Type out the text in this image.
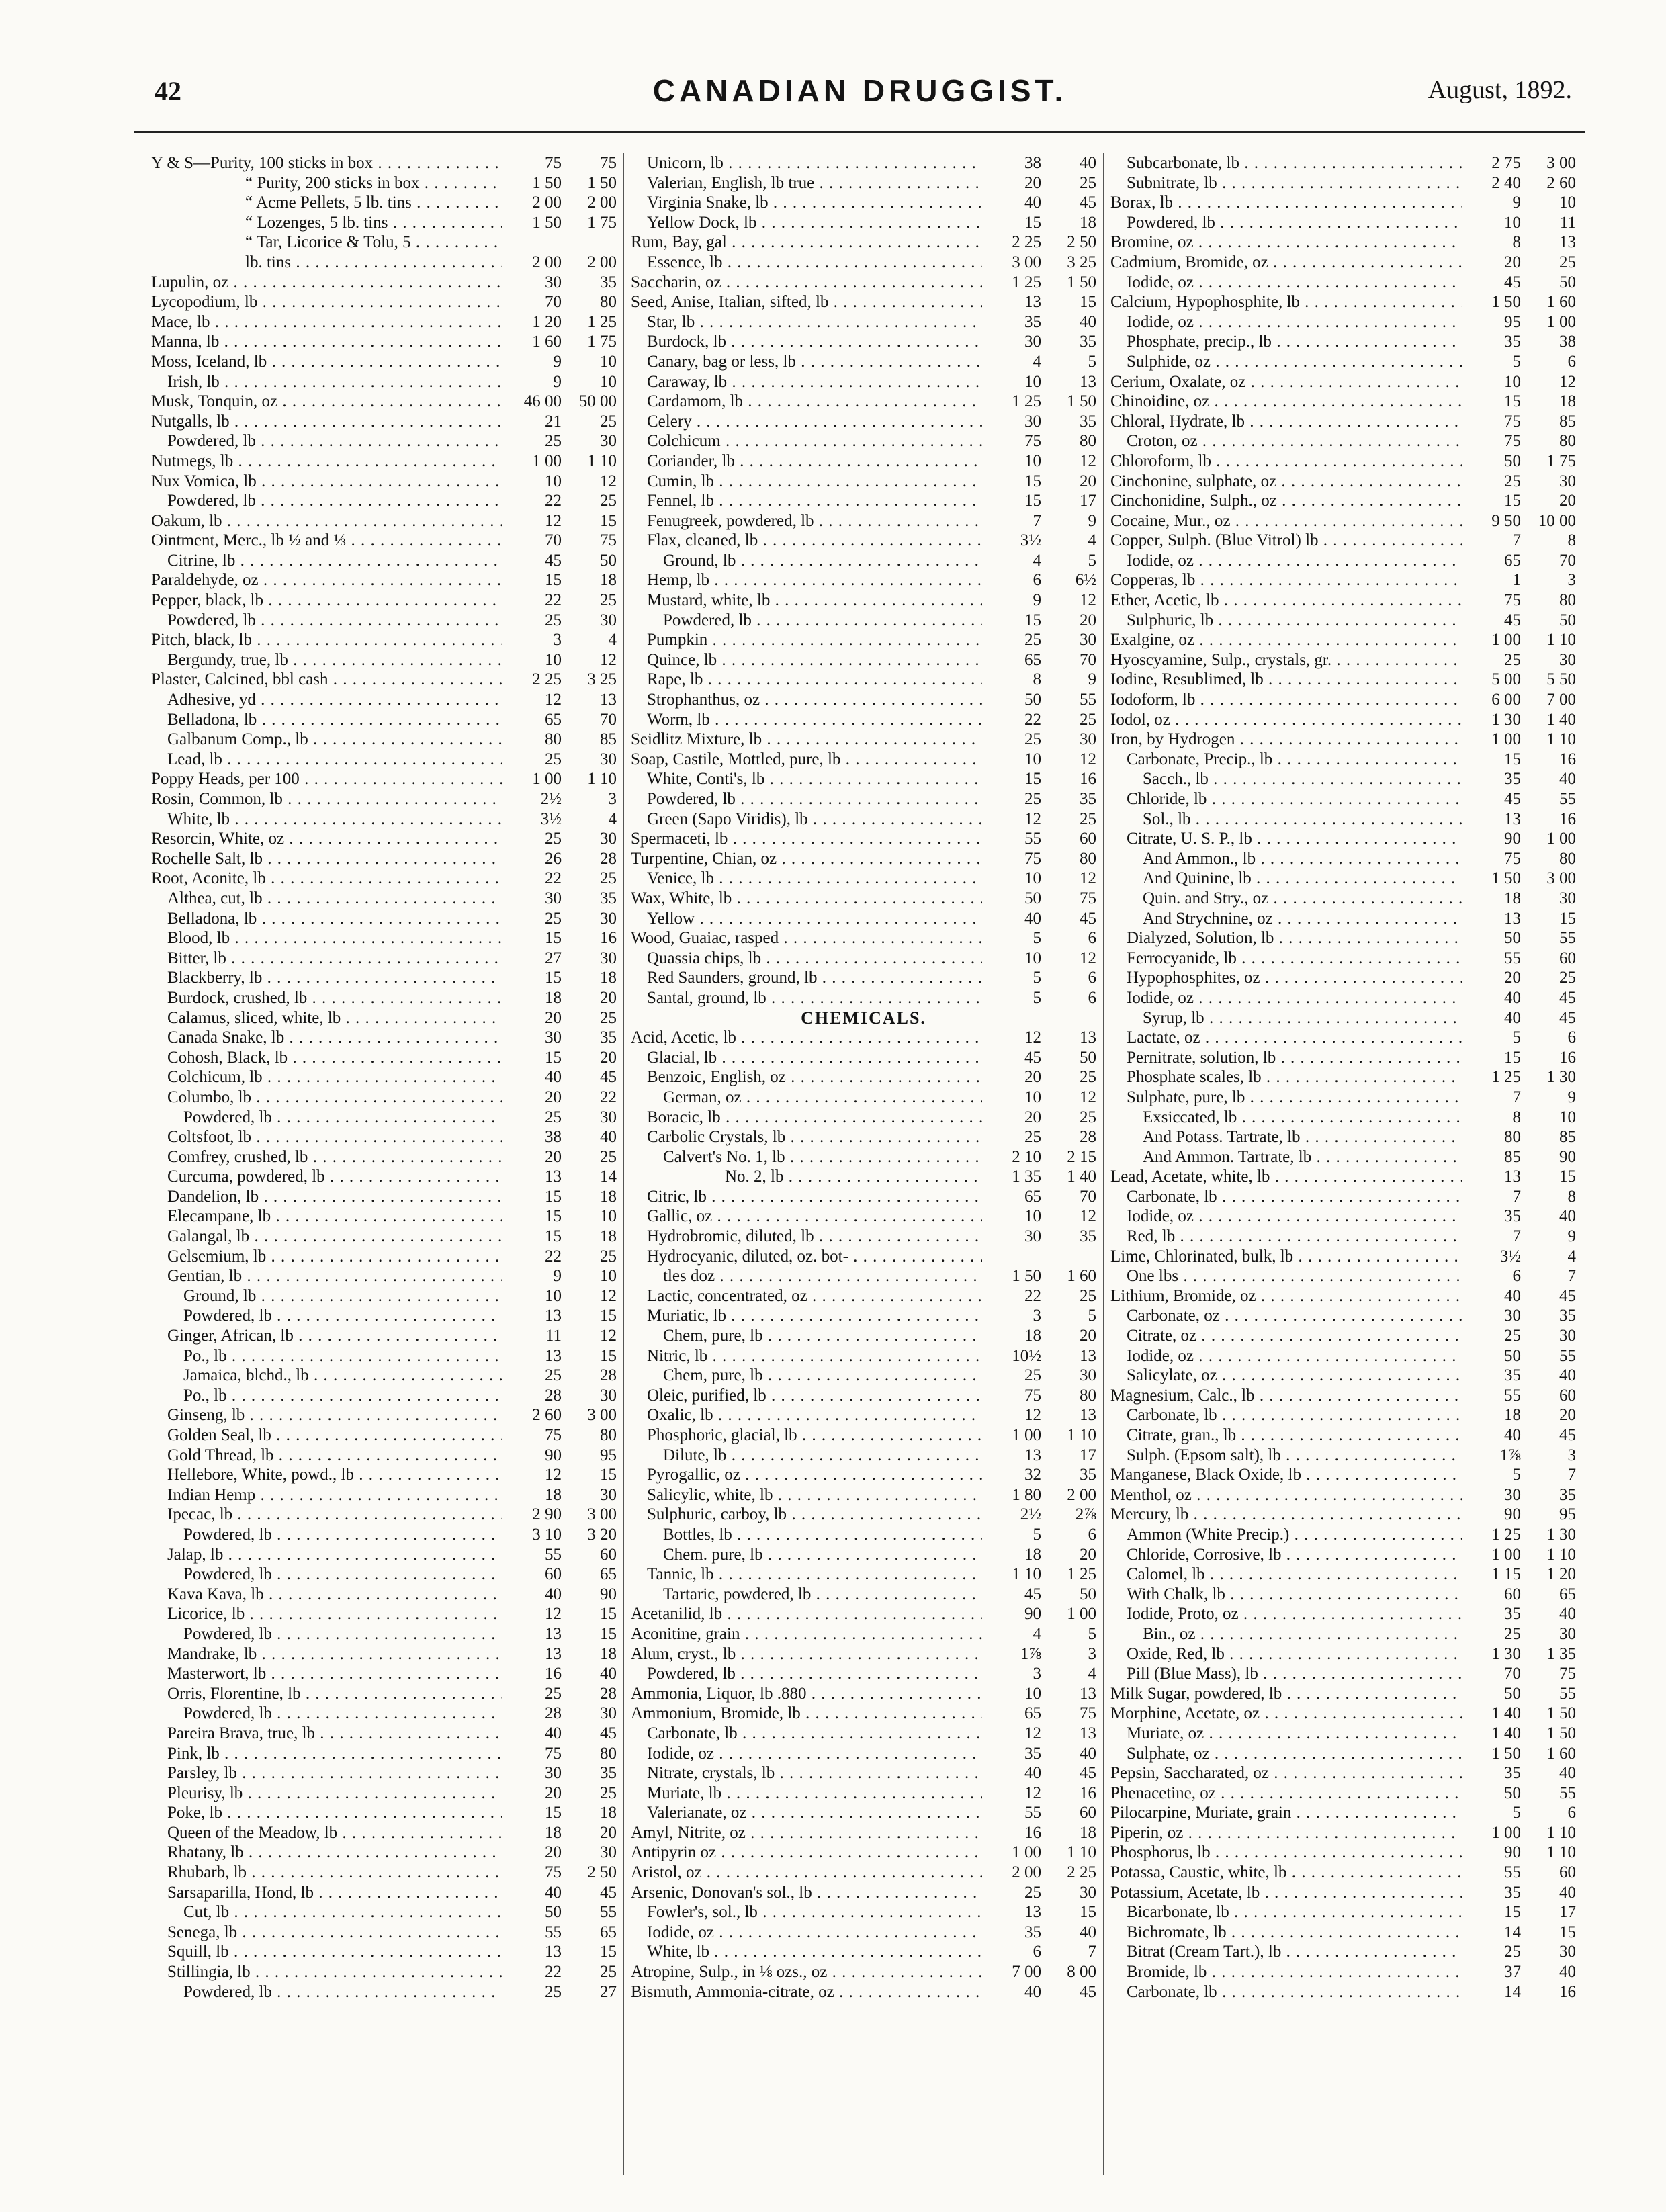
42	CANADIAN DRUGGIST.	August, 1892.
Y & S—Purity, 100 sticks in box . . .	75	75
“ Purity, 200 sticks in box . . .	1 50	1 50
“ Acme Pellets, 5 lb. tins . . .	2 00	2 00
“ Lozenges, 5 lb. tins . . .	1 50	1 75
“ Tar, Licorice & Tolu, 5 . . .
lb. tins . . .	2 00	2 00
Lupulin, oz . . .	30	35
Lycopodium, lb . . .	70	80
Mace, lb . . .	1 20	1 25
Manna, lb . . .	1 60	1 75
Moss, Iceland, lb . . .	9	10
Irish, lb . . .	9	10
Musk, Tonquin, oz . . .	46 00	50 00
Nutgalls, lb . . .	21	25
Powdered, lb . . .	25	30
Nutmegs, lb . . .	1 00	1 10
Nux Vomica, lb . . .	10	12
Powdered, lb . . .	22	25
Oakum, lb . . .	12	15
Ointment, Merc., lb ½ and ⅓ . . .	70	75
Citrine, lb . . .	45	50
Paraldehyde, oz . . .	15	18
Pepper, black, lb . . .	22	25
Powdered, lb . . .	25	30
Pitch, black, lb . . .	3	4
Bergundy, true, lb . . .	10	12
Plaster, Calcined, bbl cash . . .	2 25	3 25
Adhesive, yd . . .	12	13
Belladona, lb . . .	65	70
Galbanum Comp., lb . . .	80	85
Lead, lb . . .	25	30
Poppy Heads, per 100 . . .	1 00	1 10
Rosin, Common, lb . . .	2½	3
White, lb . . .	3½	4
Resorcin, White, oz . . .	25	30
Rochelle Salt, lb . . .	26	28
Root, Aconite, lb . . .	22	25
Althea, cut, lb . . .	30	35
Belladona, lb . . .	25	30
Blood, lb . . .	15	16
Bitter, lb . . .	27	30
Blackberry, lb . . .	15	18
Burdock, crushed, lb . . .	18	20
Calamus, sliced, white, lb . . .	20	25
Canada Snake, lb . . .	30	35
Cohosh, Black, lb . . .	15	20
Colchicum, lb . . .	40	45
Columbo, lb . . .	20	22
Powdered, lb . . .	25	30
Coltsfoot, lb . . .	38	40
Comfrey, crushed, lb . . .	20	25
Curcuma, powdered, lb . . .	13	14
Dandelion, lb . . .	15	18
Elecampane, lb . . .	15	10
Galangal, lb . . .	15	18
Gelsemium, lb . . .	22	25
Gentian, lb . . .	9	10
Ground, lb . . .	10	12
Powdered, lb . . .	13	15
Ginger, African, lb . . .	11	12
Po., lb . . .	13	15
Jamaica, blchd., lb . . .	25	28
Po., lb . . .	28	30
Ginseng, lb . . .	2 60	3 00
Golden Seal, lb . . .	75	80
Gold Thread, lb . . .	90	95
Hellebore, White, powd., lb . . .	12	15
Indian Hemp . . .	18	30
Ipecac, lb . . .	2 90	3 00
Powdered, lb . . .	3 10	3 20
Jalap, lb . . .	55	60
Powdered, lb . . .	60	65
Kava Kava, lb . . .	40	90
Licorice, lb . . .	12	15
Powdered, lb . . .	13	15
Mandrake, lb . . .	13	18
Masterwort, lb . . .	16	40
Orris, Florentine, lb . . .	25	28
Powdered, lb . . .	28	30
Pareira Brava, true, lb . . .	40	45
Pink, lb . . .	75	80
Parsley, lb . . .	30	35
Pleurisy, lb . . .	20	25
Poke, lb . . .	15	18
Queen of the Meadow, lb . . .	18	20
Rhatany, lb . . .	20	30
Rhubarb, lb . . .	75	2 50
Sarsaparilla, Hond, lb . . .	40	45
Cut, lb . . .	50	55
Senega, lb . . .	55	65
Squill, lb . . .	13	15
Stillingia, lb . . .	22	25
Powdered, lb . . .	25	27
Unicorn, lb . . .	38	40
Valerian, English, lb true . . .	20	25
Virginia Snake, lb . . .	40	45
Yellow Dock, lb . . .	15	18
Rum, Bay, gal . . .	2 25	2 50
Essence, lb . . .	3 00	3 25
Saccharin, oz . . .	1 25	1 50
Seed, Anise, Italian, sifted, lb . . .	13	15
Star, lb . . .	35	40
Burdock, lb . . .	30	35
Canary, bag or less, lb . . .	4	5
Caraway, lb . . .	10	13
Cardamom, lb . . .	1 25	1 50
Celery . . .	30	35
Colchicum . . .	75	80
Coriander, lb . . .	10	12
Cumin, lb . . .	15	20
Fennel, lb . . .	15	17
Fenugreek, powdered, lb . . .	7	9
Flax, cleaned, lb . . .	3½	4
Ground, lb . . .	4	5
Hemp, lb . . .	6	6½
Mustard, white, lb . . .	9	12
Powdered, lb . . .	15	20
Pumpkin . . .	25	30
Quince, lb . . .	65	70
Rape, lb . . .	8	9
Strophanthus, oz . . .	50	55
Worm, lb . . .	22	25
Seidlitz Mixture, lb . . .	25	30
Soap, Castile, Mottled, pure, lb . . .	10	12
White, Conti's, lb . . .	15	16
Powdered, lb . . .	25	35
Green (Sapo Viridis), lb . . .	12	25
Spermaceti, lb . . .	55	60
Turpentine, Chian, oz . . .	75	80
Venice, lb . . .	10	12
Wax, White, lb . . .	50	75
Yellow . . .	40	45
Wood, Guaiac, rasped . . .	5	6
Quassia chips, lb . . .	10	12
Red Saunders, ground, lb . . .	5	6
Santal, ground, lb . . .	5	6
CHEMICALS.
Acid, Acetic, lb . . .	12	13
Glacial, lb . . .	45	50
Benzoic, English, oz . . .	20	25
German, oz . . .	10	12
Boracic, lb . . .	20	25
Carbolic Crystals, lb . . .	25	28
Calvert's No. 1, lb . . .	2 10	2 15
No. 2, lb . . .	1 35	1 40
Citric, lb . . .	65	70
Gallic, oz . . .	10	12
Hydrobromic, diluted, lb . . .	30	35
Hydrocyanic, diluted, oz. bot- . . .
tles doz . . .	1 50	1 60
Lactic, concentrated, oz . . .	22	25
Muriatic, lb . . .	3	5
Chem, pure, lb . . .	18	20
Nitric, lb . . .	10½	13
Chem, pure, lb . . .	25	30
Oleic, purified, lb . . .	75	80
Oxalic, lb . . .	12	13
Phosphoric, glacial, lb . . .	1 00	1 10
Dilute, lb . . .	13	17
Pyrogallic, oz . . .	32	35
Salicylic, white, lb . . .	1 80	2 00
Sulphuric, carboy, lb . . .	2½	2⅞
Bottles, lb . . .	5	6
Chem. pure, lb . . .	18	20
Tannic, lb . . .	1 10	1 25
Tartaric, powdered, lb . . .	45	50
Acetanilid, lb . . .	90	1 00
Aconitine, grain . . .	4	5
Alum, cryst., lb . . .	1⅞	3
Powdered, lb . . .	3	4
Ammonia, Liquor, lb .880 . . .	10	13
Ammonium, Bromide, lb . . .	65	75
Carbonate, lb . . .	12	13
Iodide, oz . . .	35	40
Nitrate, crystals, lb . . .	40	45
Muriate, lb . . .	12	16
Valerianate, oz . . .	55	60
Amyl, Nitrite, oz . . .	16	18
Antipyrin oz . . .	1 00	1 10
Aristol, oz . . .	2 00	2 25
Arsenic, Donovan's sol., lb . . .	25	30
Fowler's, sol., lb . . .	13	15
Iodide, oz . . .	35	40
White, lb . . .	6	7
Atropine, Sulp., in ⅛ ozs., oz . . .	7 00	8 00
Bismuth, Ammonia-citrate, oz . . .	40	45
Subcarbonate, lb . . .	2 75	3 00
Subnitrate, lb . . .	2 40	2 60
Borax, lb . . .	9	10
Powdered, lb . . .	10	11
Bromine, oz . . .	8	13
Cadmium, Bromide, oz . . .	20	25
Iodide, oz . . .	45	50
Calcium, Hypophosphite, lb . . .	1 50	1 60
Iodide, oz . . .	95	1 00
Phosphate, precip., lb . . .	35	38
Sulphide, oz . . .	5	6
Cerium, Oxalate, oz . . .	10	12
Chinoidine, oz . . .	15	18
Chloral, Hydrate, lb . . .	75	85
Croton, oz . . .	75	80
Chloroform, lb . . .	50	1 75
Cinchonine, sulphate, oz . . .	25	30
Cinchonidine, Sulph., oz . . .	15	20
Cocaine, Mur., oz . . .	9 50	10 00
Copper, Sulph. (Blue Vitrol) lb . . .	7	8
Iodide, oz . . .	65	70
Copperas, lb . . .	1	3
Ether, Acetic, lb . . .	75	80
Sulphuric, lb . . .	45	50
Exalgine, oz . . .	1 00	1 10
Hyoscyamine, Sulp., crystals, gr. . . .	25	30
Iodine, Resublimed, lb . . .	5 00	5 50
Iodoform, lb . . .	6 00	7 00
Iodol, oz . . .	1 30	1 40
Iron, by Hydrogen . . .	1 00	1 10
Carbonate, Precip., lb . . .	15	16
Sacch., lb . . .	35	40
Chloride, lb . . .	45	55
Sol., lb . . .	13	16
Citrate, U. S. P., lb . . .	90	1 00
And Ammon., lb . . .	75	80
And Quinine, lb . . .	1 50	3 00
Quin. and Stry., oz . . .	18	30
And Strychnine, oz . . .	13	15
Dialyzed, Solution, lb . . .	50	55
Ferrocyanide, lb . . .	55	60
Hypophosphites, oz . . .	20	25
Iodide, oz . . .	40	45
Syrup, lb . . .	40	45
Lactate, oz . . .	5	6
Pernitrate, solution, lb . . .	15	16
Phosphate scales, lb . . .	1 25	1 30
Sulphate, pure, lb . . .	7	9
Exsiccated, lb . . .	8	10
And Potass. Tartrate, lb . . .	80	85
And Ammon. Tartrate, lb . . .	85	90
Lead, Acetate, white, lb . . .	13	15
Carbonate, lb . . .	7	8
Iodide, oz . . .	35	40
Red, lb . . .	7	9
Lime, Chlorinated, bulk, lb . . .	3½	4
One lbs . . .	6	7
Lithium, Bromide, oz . . .	40	45
Carbonate, oz . . .	30	35
Citrate, oz . . .	25	30
Iodide, oz . . .	50	55
Salicylate, oz . . .	35	40
Magnesium, Calc., lb . . .	55	60
Carbonate, lb . . .	18	20
Citrate, gran., lb . . .	40	45
Sulph. (Epsom salt), lb . . .	1⅞	3
Manganese, Black Oxide, lb . . .	5	7
Menthol, oz . . .	30	35
Mercury, lb . . .	90	95
Ammon (White Precip.) . . .	1 25	1 30
Chloride, Corrosive, lb . . .	1 00	1 10
Calomel, lb . . .	1 15	1 20
With Chalk, lb . . .	60	65
Iodide, Proto, oz . . .	35	40
Bin., oz . . .	25	30
Oxide, Red, lb . . .	1 30	1 35
Pill (Blue Mass), lb . . .	70	75
Milk Sugar, powdered, lb . . .	50	55
Morphine, Acetate, oz . . .	1 40	1 50
Muriate, oz . . .	1 40	1 50
Sulphate, oz . . .	1 50	1 60
Pepsin, Saccharated, oz . . .	35	40
Phenacetine, oz . . .	50	55
Pilocarpine, Muriate, grain . . .	5	6
Piperin, oz . . .	1 00	1 10
Phosphorus, lb . . .	90	1 10
Potassa, Caustic, white, lb . . .	55	60
Potassium, Acetate, lb . . .	35	40
Bicarbonate, lb . . .	15	17
Bichromate, lb . . .	14	15
Bitrat (Cream Tart.), lb . . .	25	30
Bromide, lb . . .	37	40
Carbonate, lb . . .	14	16
